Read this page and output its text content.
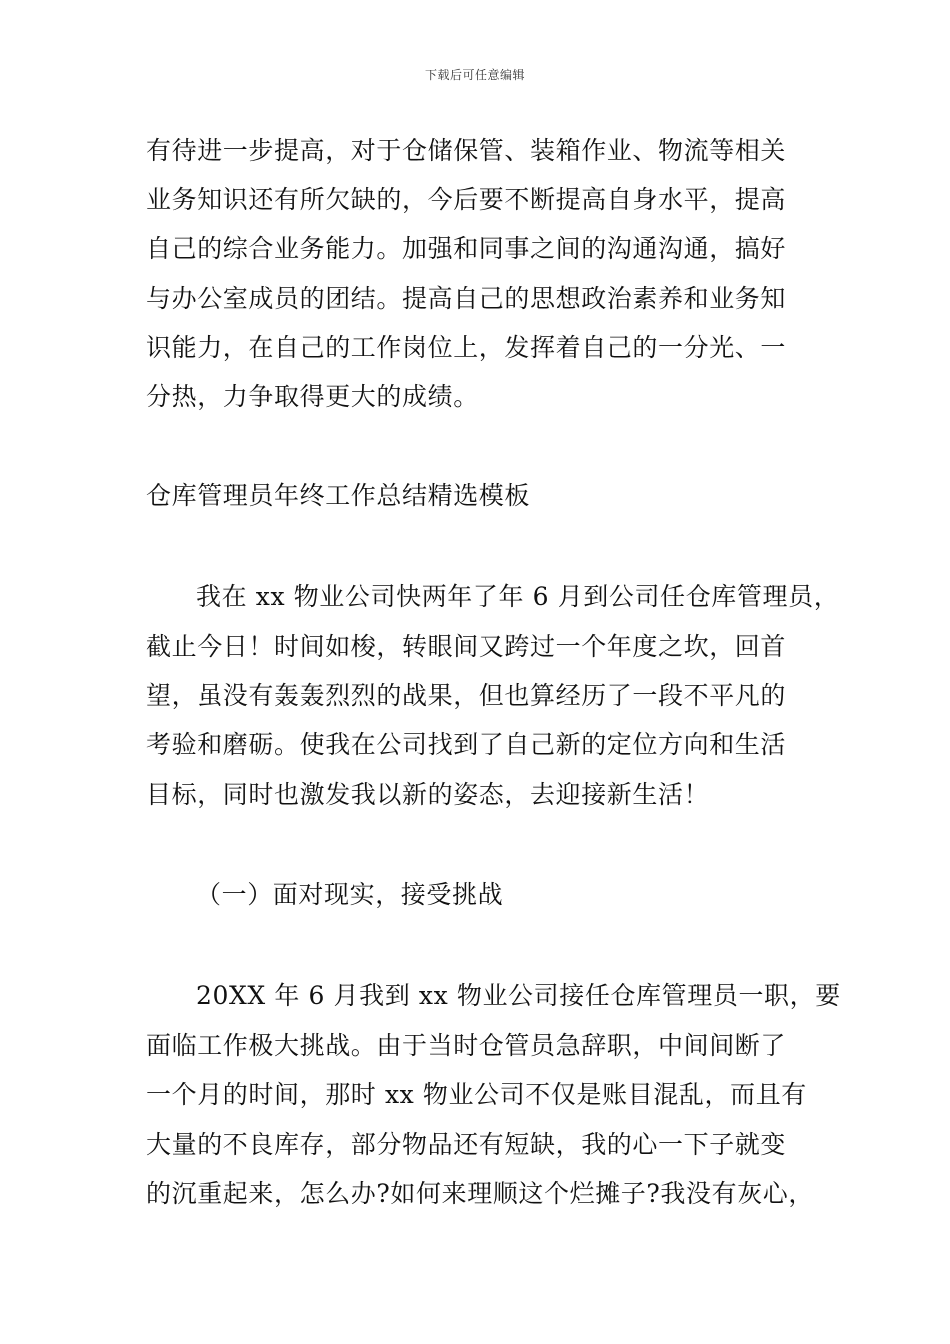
下载后可任意编辑
有待进一步提高，对于仓储保管、装箱作业、物流等相关
业务知识还有所欠缺的，今后要不断提高自身水平，提高
自己的综合业务能力。加强和同事之间的沟通沟通，搞好
与办公室成员的团结。提高自己的思想政治素养和业务知
识能力，在自己的工作岗位上，发挥着自己的一分光、一
分热，力争取得更大的成绩。
仓库管理员年终工作总结精选模板
我在 xx 物业公司快两年了年 6 月到公司任仓库管理员，
截止今日！时间如梭，转眼间又跨过一个年度之坎，回首
望，虽没有轰轰烈烈的战果，但也算经历了一段不平凡的
考验和磨砺。使我在公司找到了自己新的定位方向和生活
目标，同时也激发我以新的姿态，去迎接新生活！
（一）面对现实，接受挑战
20XX 年 6 月我到 xx 物业公司接任仓库管理员一职，要
面临工作极大挑战。由于当时仓管员急辞职，中间间断了
一个月的时间，那时 xx 物业公司不仅是账目混乱，而且有
大量的不良库存，部分物品还有短缺，我的心一下子就变
的沉重起来，怎么办?如何来理顺这个烂摊子?我没有灰心，
